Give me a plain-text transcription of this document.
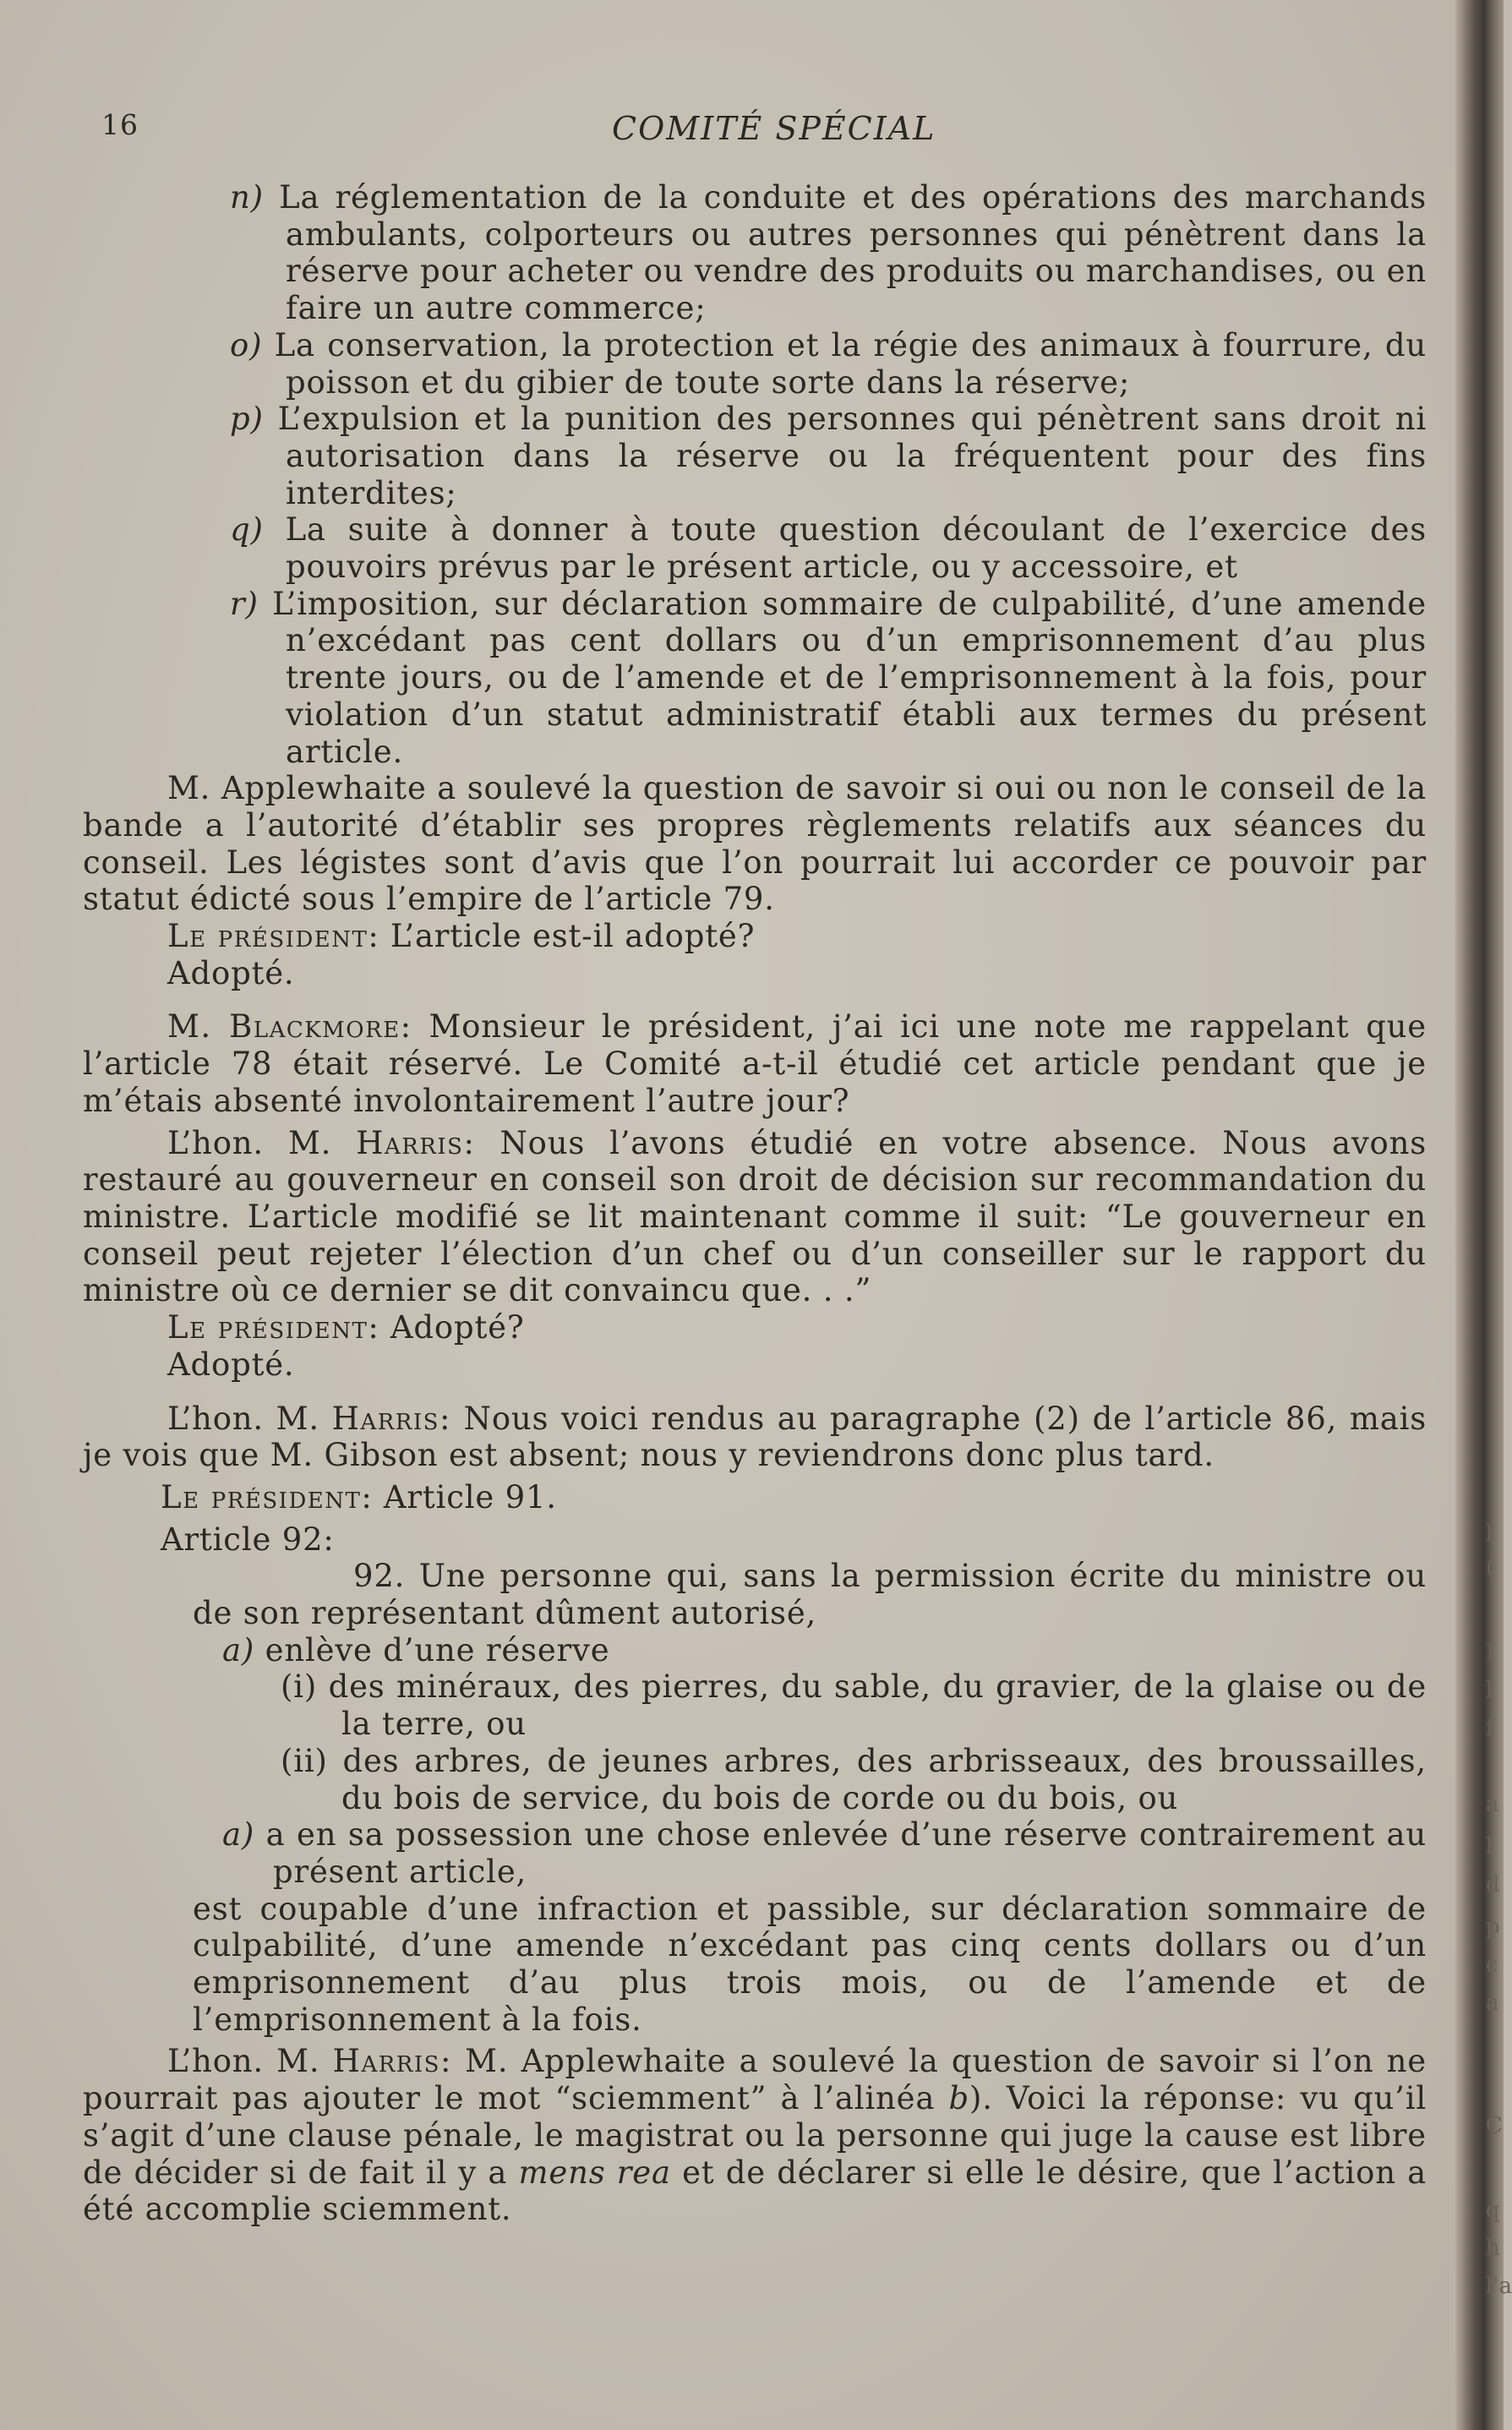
16	COMITÉ SPÉCIAL

n) La réglementation de la conduite et des opérations des marchands ambulants, colporteurs ou autres personnes qui pénètrent dans la réserve pour acheter ou vendre des produits ou marchandises, ou en faire un autre commerce;

o) La conservation, la protection et la régie des animaux à fourrure, du poisson et du gibier de toute sorte dans la réserve;

p) L’expulsion et la punition des personnes qui pénètrent sans droit ni autorisation dans la réserve ou la fréquentent pour des fins interdites;

q) La suite à donner à toute question découlant de l’exercice des pouvoirs prévus par le présent article, ou y accessoire, et

r) L’imposition, sur déclaration sommaire de culpabilité, d’une amende n’excédant pas cent dollars ou d’un emprisonnement d’au plus trente jours, ou de l’amende et de l’emprisonnement à la fois, pour violation d’un statut administratif établi aux termes du présent article.

M. Applewhaite a soulevé la question de savoir si oui ou non le conseil de la bande a l’autorité d’établir ses propres règlements relatifs aux séances du conseil. Les légistes sont d’avis que l’on pourrait lui accorder ce pouvoir par statut édicté sous l’empire de l’article 79.

Le président: L’article est-il adopté?

Adopté.

M. Blackmore: Monsieur le président, j’ai ici une note me rappelant que l’article 78 était réservé. Le Comité a-t-il étudié cet article pendant que je m’étais absenté involontairement l’autre jour?

L’hon. M. Harris: Nous l’avons étudié en votre absence. Nous avons restauré au gouverneur en conseil son droit de décision sur recommandation du ministre. L’article modifié se lit maintenant comme il suit: “Le gouverneur en conseil peut rejeter l’élection d’un chef ou d’un conseiller sur le rapport du ministre où ce dernier se dit convaincu que. . .”

Le président: Adopté?

Adopté.

L’hon. M. Harris: Nous voici rendus au paragraphe (2) de l’article 86, mais je vois que M. Gibson est absent; nous y reviendrons donc plus tard.

Le président: Article 91.

Article 92:

92. Une personne qui, sans la permission écrite du ministre ou de son représentant dûment autorisé,

a) enlève d’une réserve

(i) des minéraux, des pierres, du sable, du gravier, de la glaise ou de la terre, ou

(ii) des arbres, de jeunes arbres, des arbrisseaux, des broussailles, du bois de service, du bois de corde ou du bois, ou

a) a en sa possession une chose enlevée d’une réserve contrairement au présent article,

est coupable d’une infraction et passible, sur déclaration sommaire de culpabilité, d’une amende n’excédant pas cinq cents dollars ou d’un emprisonnement d’au plus trois mois, ou de l’amende et de l’emprisonnement à la fois.

L’hon. M. Harris: M. Applewhaite a soulevé la question de savoir si l’on ne pourrait pas ajouter le mot “sciemment” à l’alinéa b). Voici la réponse: vu qu’il s’agit d’une clause pénale, le magistrat ou la personne qui juge la cause est libre de décider si de fait il y a mens rea et de déclarer si elle le désire, que l’action a été accomplie sciemment.

l
(
I
l
f
a
l
d
p
c
a
C
q
h
l'a
